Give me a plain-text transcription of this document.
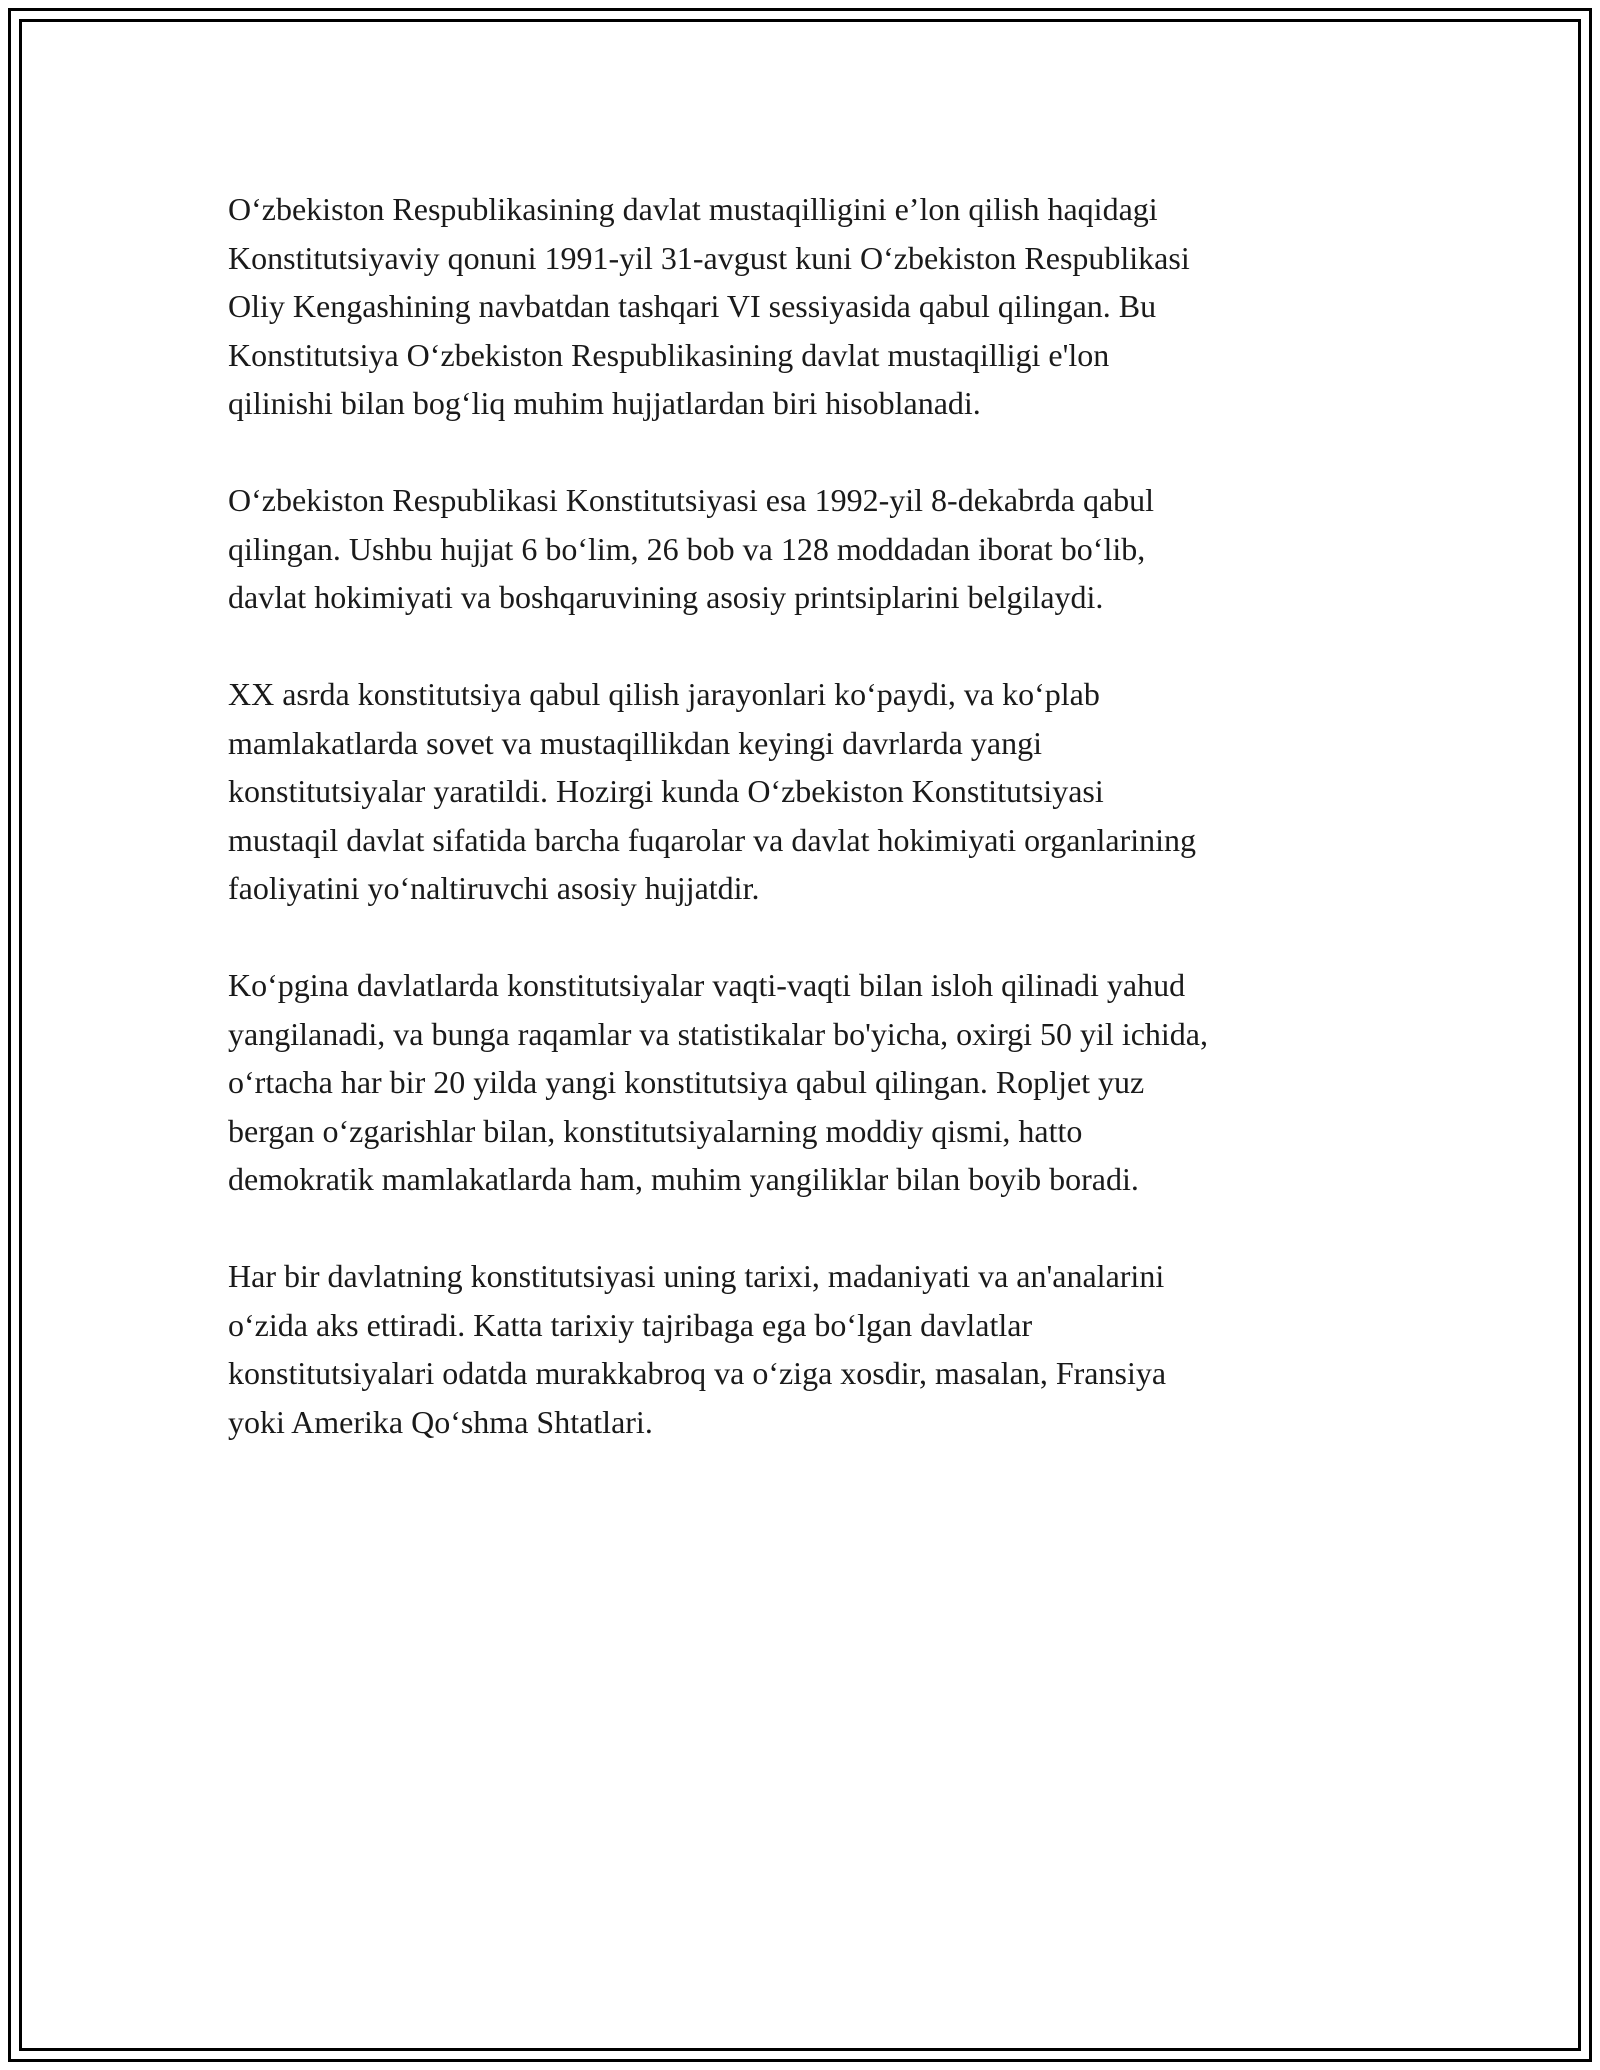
O‘zbekiston Respublikasining davlat mustaqilligini e’lon qilish haqidagi
Konstitutsiyaviy qonuni 1991-yil 31-avgust kuni O‘zbekiston Respublikasi
Oliy Kengashining navbatdan tashqari VI sessiyasida qabul qilingan. Bu
Konstitutsiya O‘zbekiston Respublikasining davlat mustaqilligi e'lon
qilinishi bilan bog‘liq muhim hujjatlardan biri hisoblanadi.

O‘zbekiston Respublikasi Konstitutsiyasi esa 1992-yil 8-dekabrda qabul
qilingan. Ushbu hujjat 6 bo‘lim, 26 bob va 128 moddadan iborat bo‘lib,
davlat hokimiyati va boshqaruvining asosiy printsiplarini belgilaydi.

XX asrda konstitutsiya qabul qilish jarayonlari ko‘paydi, va ko‘plab
mamlakatlarda sovet va mustaqillikdan keyingi davrlarda yangi
konstitutsiyalar yaratildi. Hozirgi kunda O‘zbekiston Konstitutsiyasi
mustaqil davlat sifatida barcha fuqarolar va davlat hokimiyati organlarining
faoliyatini yo‘naltiruvchi asosiy hujjatdir.

Ko‘pgina davlatlarda konstitutsiyalar vaqti-vaqti bilan isloh qilinadi yahud
yangilanadi, va bunga raqamlar va statistikalar bo'yicha, oxirgi 50 yil ichida,
o‘rtacha har bir 20 yilda yangi konstitutsiya qabul qilingan. Ropljet yuz
bergan o‘zgarishlar bilan, konstitutsiyalarning moddiy qismi, hatto
demokratik mamlakatlarda ham, muhim yangiliklar bilan boyib boradi.

Har bir davlatning konstitutsiyasi uning tarixi, madaniyati va an'analarini
o‘zida aks ettiradi. Katta tarixiy tajribaga ega bo‘lgan davlatlar
konstitutsiyalari odatda murakkabroq va o‘ziga xosdir, masalan, Fransiya
yoki Amerika Qo‘shma Shtatlari.
